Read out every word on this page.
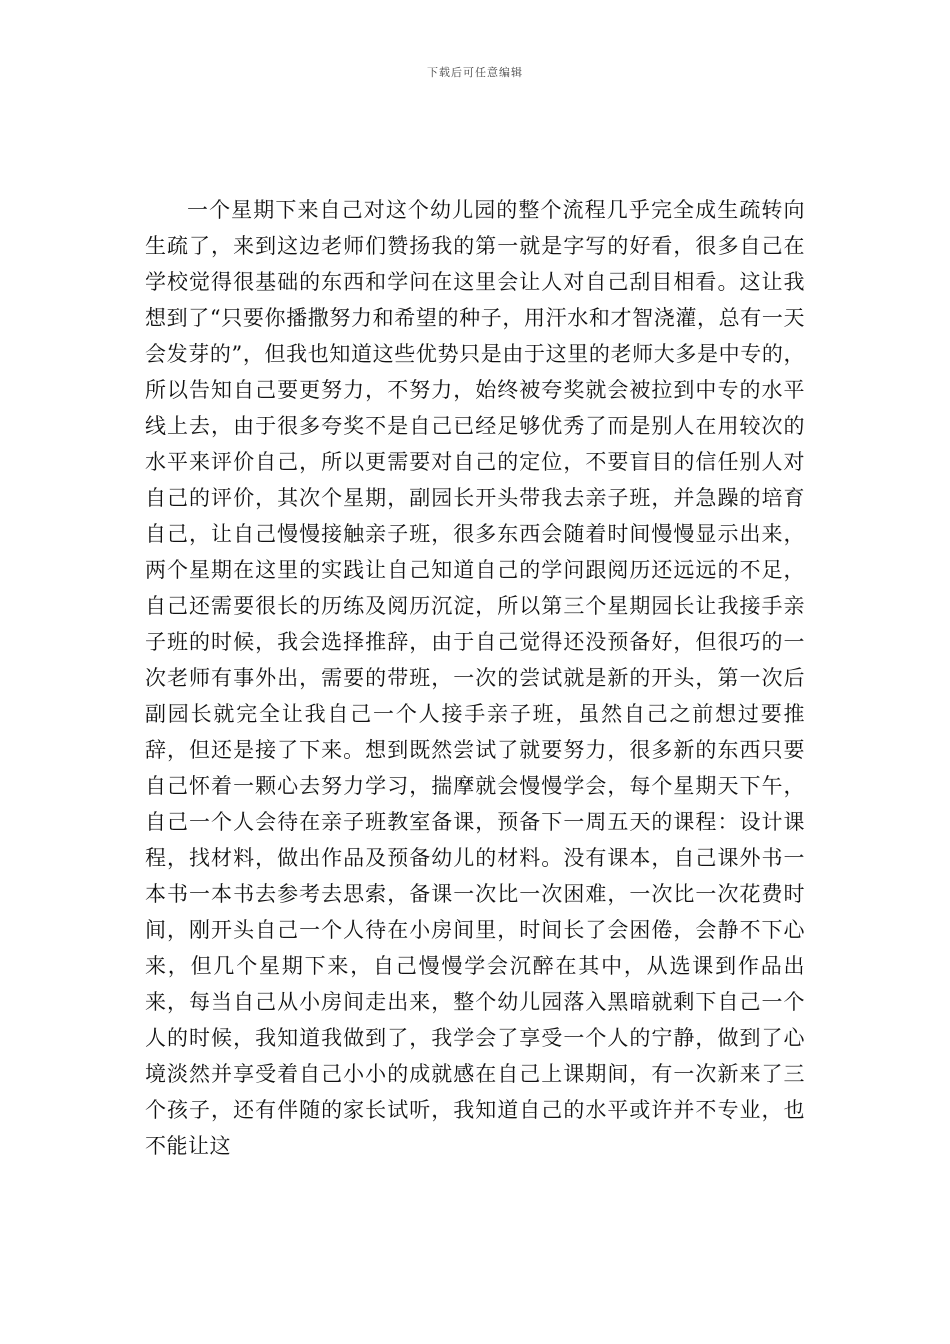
下载后可任意编辑

一个星期下来自己对这个幼儿园的整个流程几乎完全成生疏转向生疏了，来到这边老师们赞扬我的第一就是字写的好看，很多自己在学校觉得很基础的东西和学问在这里会让人对自己刮目相看。这让我想到了“只要你播撒努力和希望的种子，用汗水和才智浇灌，总有一天会发芽的”，但我也知道这些优势只是由于这里的老师大多是中专的，所以告知自己要更努力，不努力，始终被夸奖就会被拉到中专的水平线上去，由于很多夸奖不是自己已经足够优秀了而是别人在用较次的水平来评价自己，所以更需要对自己的定位，不要盲目的信任别人对自己的评价，其次个星期，副园长开头带我去亲子班，并急躁的培育自己，让自己慢慢接触亲子班，很多东西会随着时间慢慢显示出来，两个星期在这里的实践让自己知道自己的学问跟阅历还远远的不足，自己还需要很长的历练及阅历沉淀，所以第三个星期园长让我接手亲子班的时候，我会选择推辞，由于自己觉得还没预备好，但很巧的一次老师有事外出，需要的带班，一次的尝试就是新的开头，第一次后副园长就完全让我自己一个人接手亲子班，虽然自己之前想过要推辞，但还是接了下来。想到既然尝试了就要努力，很多新的东西只要自己怀着一颗心去努力学习，揣摩就会慢慢学会，每个星期天下午，自己一个人会待在亲子班教室备课，预备下一周五天的课程：设计课程，找材料，做出作品及预备幼儿的材料。没有课本，自己课外书一本书一本书去参考去思索，备课一次比一次困难，一次比一次花费时间，刚开头自己一个人待在小房间里，时间长了会困倦，会静不下心来，但几个星期下来，自己慢慢学会沉醉在其中，从选课到作品出来，每当自己从小房间走出来，整个幼儿园落入黑暗就剩下自己一个人的时候，我知道我做到了，我学会了享受一个人的宁静，做到了心境淡然并享受着自己小小的成就感在自己上课期间，有一次新来了三个孩子，还有伴随的家长试听，我知道自己的水平或许并不专业，也不能让这
